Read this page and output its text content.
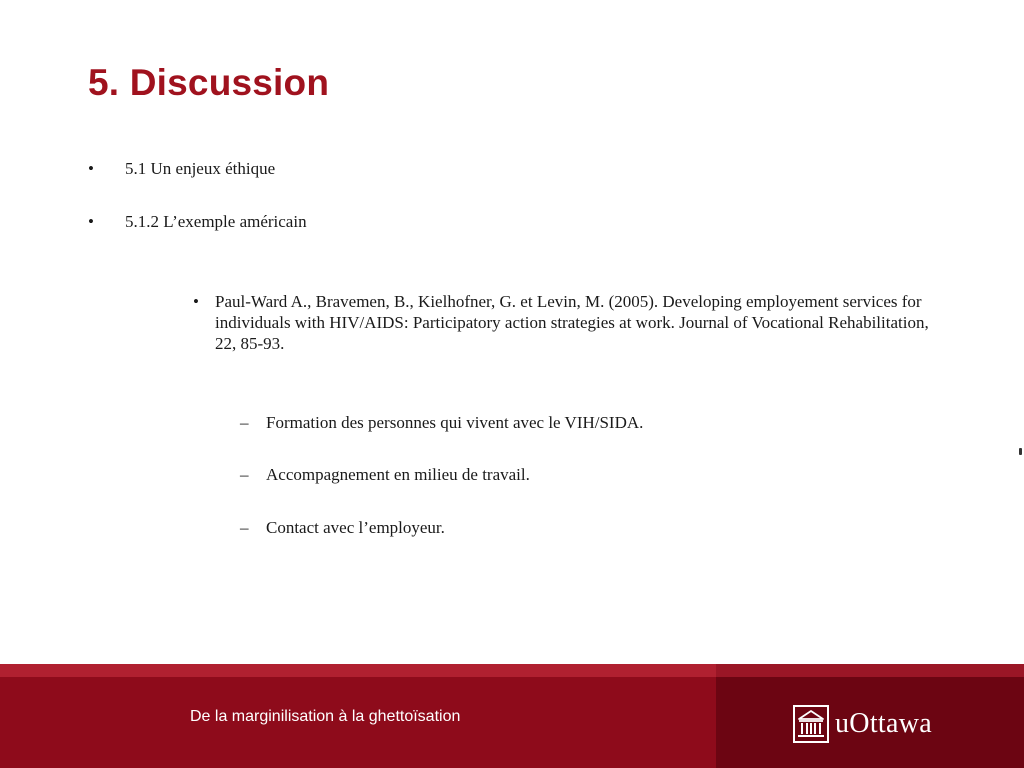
5. Discussion
• 5.1 Un enjeux éthique
• 5.1.2 L’exemple américain
• Paul-Ward A., Bravemen, B., Kielhofner, G. et Levin, M. (2005). Developing employement services for individuals with HIV/AIDS: Participatory action strategies at work. Journal of Vocational Rehabilitation, 22, 85-93.
– Formation des personnes qui vivent avec le VIH/SIDA.
– Accompagnement en milieu de travail.
– Contact avec l’employeur.
De la marginilisation à la ghettoïsation	uOttawa
